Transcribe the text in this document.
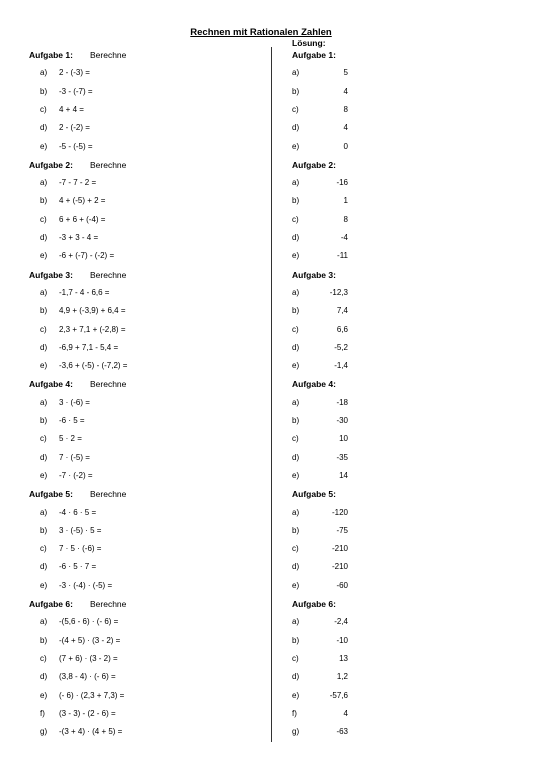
Rechnen mit Rationalen Zahlen
Lösung:
Aufgabe 1: Berechne
a) 2 - (-3) =
b) -3 - (-7) =
c) 4 + 4 =
d) 2 - (-2) =
e) -5 - (-5) =
Aufgabe 2: Berechne
a) -7 - 7 - 2 =
b) 4 + (-5) + 2 =
c) 6 + 6 + (-4) =
d) -3 + 3 - 4 =
e) -6 + (-7) - (-2) =
Aufgabe 3: Berechne
a) -1,7 - 4 - 6,6 =
b) 4,9 + (-3,9) + 6,4 =
c) 2,3 + 7,1 + (-2,8) =
d) -6,9 + 7,1 - 5,4 =
e) -3,6 + (-5) - (-7,2) =
Aufgabe 4: Berechne
a) 3 · (-6) =
b) -6 · 5 =
c) 5 · 2 =
d) 7 · (-5) =
e) -7 · (-2) =
Aufgabe 5: Berechne
a) -4 · 6 · 5 =
b) 3 · (-5) · 5 =
c) 7 · 5 · (-6) =
d) -6 · 5 · 7 =
e) -3 · (-4) · (-5) =
Aufgabe 6: Berechne
a) -(5,6 - 6) · (- 6) =
b) -(4 + 5) · (3 - 2) =
c) (7 + 6) · (3 - 2) =
d) (3,8 - 4) · (- 6) =
e) (- 6) · (2,3 + 7,3) =
f) (3 - 3) - (2 - 6) =
g) -(3 + 4) · (4 + 5) =
Aufgabe 1:
a)	5
b)	4
c)	8
d)	4
e)	0
Aufgabe 2:
a)	-16
b)	1
c)	8
d)	-4
e)	-11
Aufgabe 3:
a)	-12,3
b)	7,4
c)	6,6
d)	-5,2
e)	-1,4
Aufgabe 4:
a)	-18
b)	-30
c)	10
d)	-35
e)	14
Aufgabe 5:
a)	-120
b)	-75
c)	-210
d)	-210
e)	-60
Aufgabe 6:
a)	-2,4
b)	-10
c)	13
d)	1,2
e)	-57,6
f)	4
g)	-63
